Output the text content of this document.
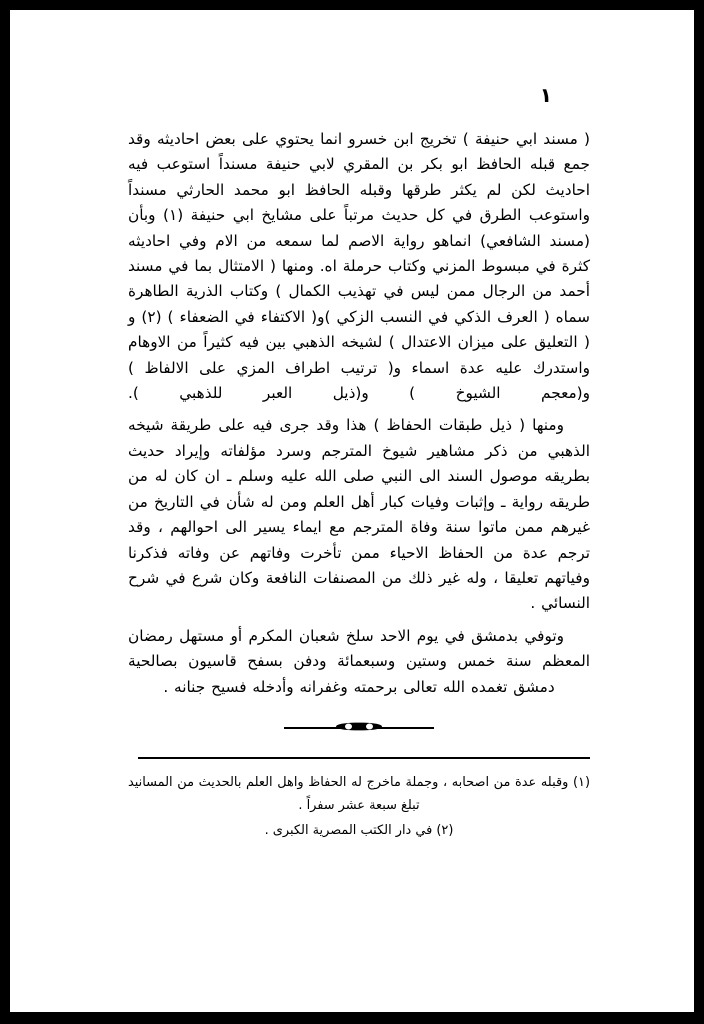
١

( مسند ابي حنيفة ) تخريج ابن خسرو انما يحتوي على بعض احاديثه وقد جمع قبله الحافظ ابو بكر بن المقري لابي حنيفة مسنداً استوعب فيه احاديث لكن لم يكثر طرقها وقبله الحافظ ابو محمد الحارثي مسنداً واستوعب الطرق في كل حديث مرتباً على مشايخ ابي حنيفة (١) وبأن (مسند الشافعي) انماهو رواية الاصم لما سمعه من الام وفي احاديثه كثرة في مبسوط المزني وكتاب حرملة اه. ومنها ( الامتثال بما في مسند أحمد من الرجال ممن ليس في تهذيب الكمال ) وكتاب الذرية الطاهرة سماه ( العرف الذكي في النسب الزكي )و( الاكتفاء في الضعفاء ) (٢) و ( التعليق على ميزان الاعتدال ) لشيخه الذهبي بين فيه كثيراً من الاوهام واستدرك عليه عدة اسماء و( ترتيب اطراف المزي على الالفاظ ) و(معجم الشيوخ ) و(ذيل العبر للذهبي ).

ومنها ( ذيل طبقات الحفاظ ) هذا وقد جرى فيه على طريقة شيخه الذهبي من ذكر مشاهير شيوخ المترجم وسرد مؤلفاته وإيراد حديث بطريقه موصول السند الى النبي صلى الله عليه وسلم ـ ان كان له من طريقه رواية ـ وإثبات وفيات كبار أهل العلم ومن له شأن في التاريخ من غيرهم ممن ماتوا سنة وفاة المترجم مع ايماء يسير الى احوالهم ، وقد ترجم عدة من الحفاظ الاحياء ممن تأخرت وفاتهم عن وفاته فذكرنا وفياتهم تعليقا ، وله غير ذلك من المصنفات النافعة وكان شرع في شرح النسائي .

وتوفي بدمشق في يوم الاحد سلخ شعبان المكرم أو مستهل رمضان المعظم سنة خمس وستين وسبعمائة ودفن بسفح قاسيون بصالحية دمشق تغمده الله تعالى برحمته وغفرانه وأدخله فسيح جنانه .

(١) وقبله عدة من اصحابه ، وجملة ماخرج له الحفاظ واهل العلم بالحديث من المسانيد تبلغ سبعة عشر سفراً .

(٢) في دار الكتب المصرية الكبرى .
